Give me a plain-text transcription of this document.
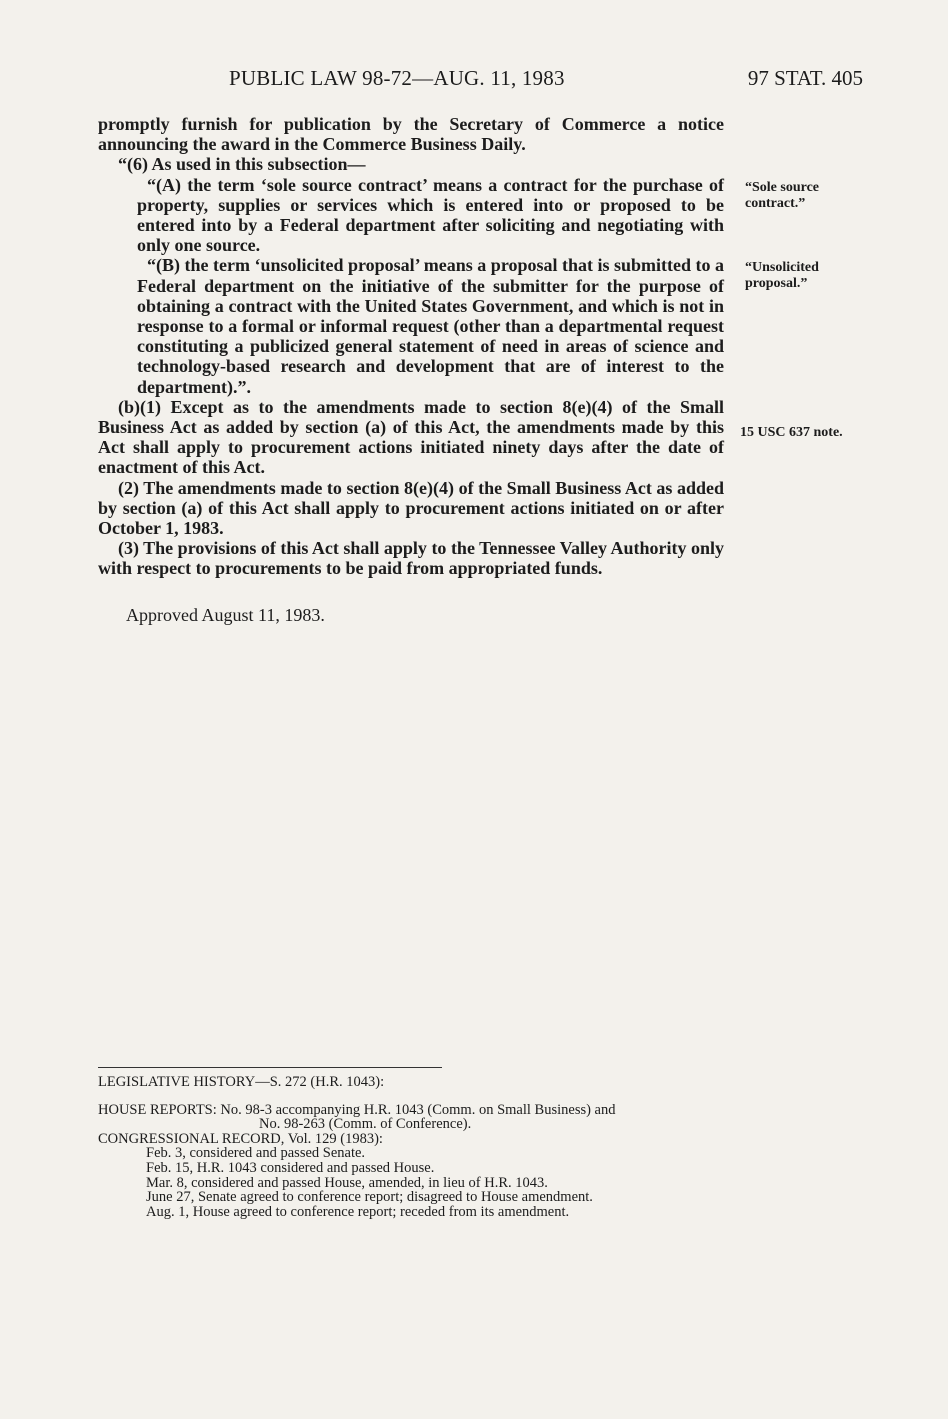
PUBLIC LAW 98-72—AUG. 11, 1983	97 STAT. 405

promptly furnish for publication by the Secretary of Commerce a notice announcing the award in the Commerce Business Daily.

“(6) As used in this subsection—

“(A) the term ‘sole source contract’ means a contract for the purchase of property, supplies or services which is entered into or proposed to be entered into by a Federal department after soliciting and negotiating with only one source.

“(B) the term ‘unsolicited proposal’ means a proposal that is submitted to a Federal department on the initiative of the submitter for the purpose of obtaining a contract with the United States Government, and which is not in response to a formal or informal request (other than a departmental request constituting a publicized general statement of need in areas of science and technology-based research and development that are of interest to the department).”.

(b)(1) Except as to the amendments made to section 8(e)(4) of the Small Business Act as added by section (a) of this Act, the amendments made by this Act shall apply to procurement actions initiated ninety days after the date of enactment of this Act.

(2) The amendments made to section 8(e)(4) of the Small Business Act as added by section (a) of this Act shall apply to procurement actions initiated on or after October 1, 1983.

(3) The provisions of this Act shall apply to the Tennessee Valley Authority only with respect to procurements to be paid from appropriated funds.

Approved August 11, 1983.

“Sole source
contract.”
“Unsolicited
proposal.”
15 USC 637 note.
LEGISLATIVE HISTORY—S. 272 (H.R. 1043):
HOUSE REPORTS: No. 98-3 accompanying H.R. 1043 (Comm. on Small Business) and
No. 98-263 (Comm. of Conference).
CONGRESSIONAL RECORD, Vol. 129 (1983):
Feb. 3, considered and passed Senate.
Feb. 15, H.R. 1043 considered and passed House.
Mar. 8, considered and passed House, amended, in lieu of H.R. 1043.
June 27, Senate agreed to conference report; disagreed to House amendment.
Aug. 1, House agreed to conference report; receded from its amendment.
